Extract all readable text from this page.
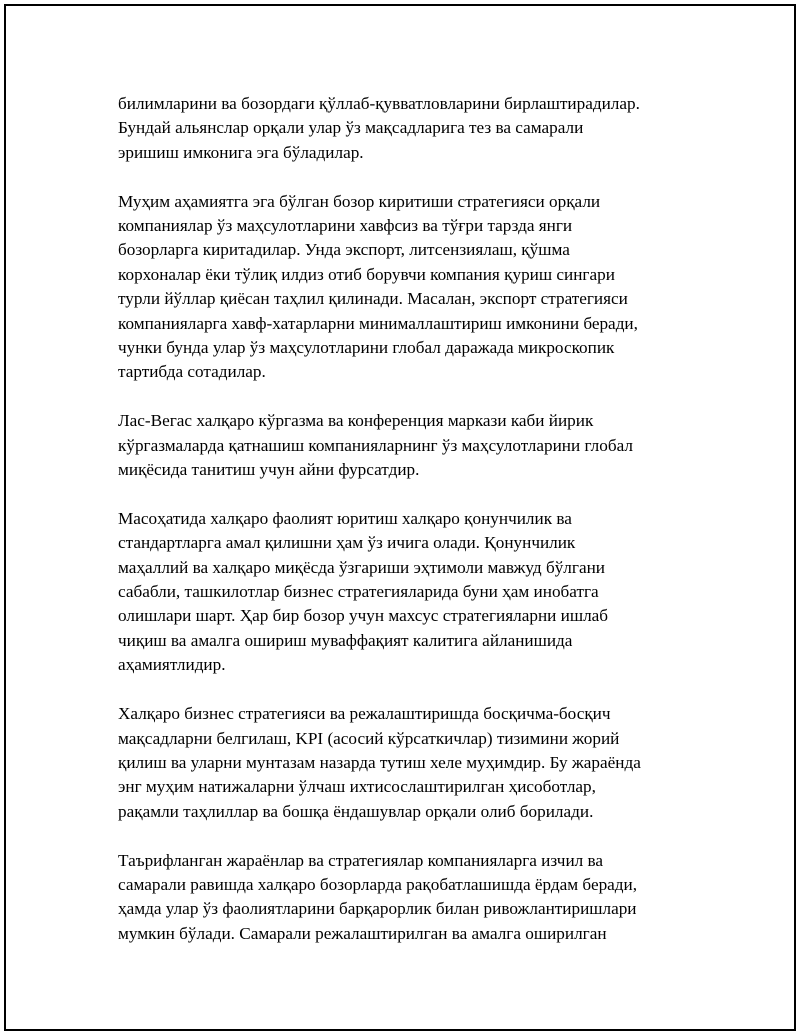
билимларини ва бозордаги қўллаб-қувватловларини бирлаштирадилар.
Бундай альянслар орқали улар ўз мақсадларига тез ва самарали
эришиш имконига эга бўладилар.

Муҳим аҳамиятга эга бўлган бозор киритиши стратегияси орқали
компаниялар ўз маҳсулотларини хавфсиз ва тўғри тарзда янги
бозорларга киритадилар. Унда экспорт, литсензиялаш, қўшма
корхоналар ёки тўлиқ илдиз отиб борувчи компания қуриш сингари
турли йўллар қиёсан таҳлил қилинади. Масалан, экспорт стратегияси
компанияларга хавф-хатарларни минималлаштириш имконини беради,
чунки бунда улар ўз маҳсулотларини глобал даражада микроскопик
тартибда сотадилар.

Лас-Вегас халқаро кўргазма ва конференция маркази каби йирик
кўргазмаларда қатнашиш компанияларнинг ўз маҳсулотларини глобал
миқёсида танитиш учун айни фурсатдир.

Масоҳатида халқаро фаолият юритиш халқаро қонунчилик ва
стандартларга амал қилишни ҳам ўз ичига олади. Қонунчилик
маҳаллий ва халқаро миқёсда ўзгариши эҳтимоли мавжуд бўлгани
сабабли, ташкилотлар бизнес стратегияларида буни ҳам инобатга
олишлари шарт. Ҳар бир бозор учун махсус стратегияларни ишлаб
чиқиш ва амалга ошириш муваффақият калитига айланишида
аҳамиятлидир.

Халқаро бизнес стратегияси ва режалаштиришда босқичма-босқич
мақсадларни белгилаш, KPI (асосий кўрсаткичлар) тизимини жорий
қилиш ва уларни мунтазам назарда тутиш хеле муҳимдир. Бу жараёнда
энг муҳим натижаларни ўлчаш ихтисослаштирилган ҳисоботлар,
рақамли таҳлиллар ва бошқа ёндашувлар орқали олиб борилади.

Таърифланган жараёнлар ва стратегиялар компанияларга изчил ва
самарали равишда халқаро бозорларда рақобатлашишда ёрдам беради,
ҳамда улар ўз фаолиятларини барқарорлик билан ривожлантиришлари
мумкин бўлади. Самарали режалаштирилган ва амалга оширилган
